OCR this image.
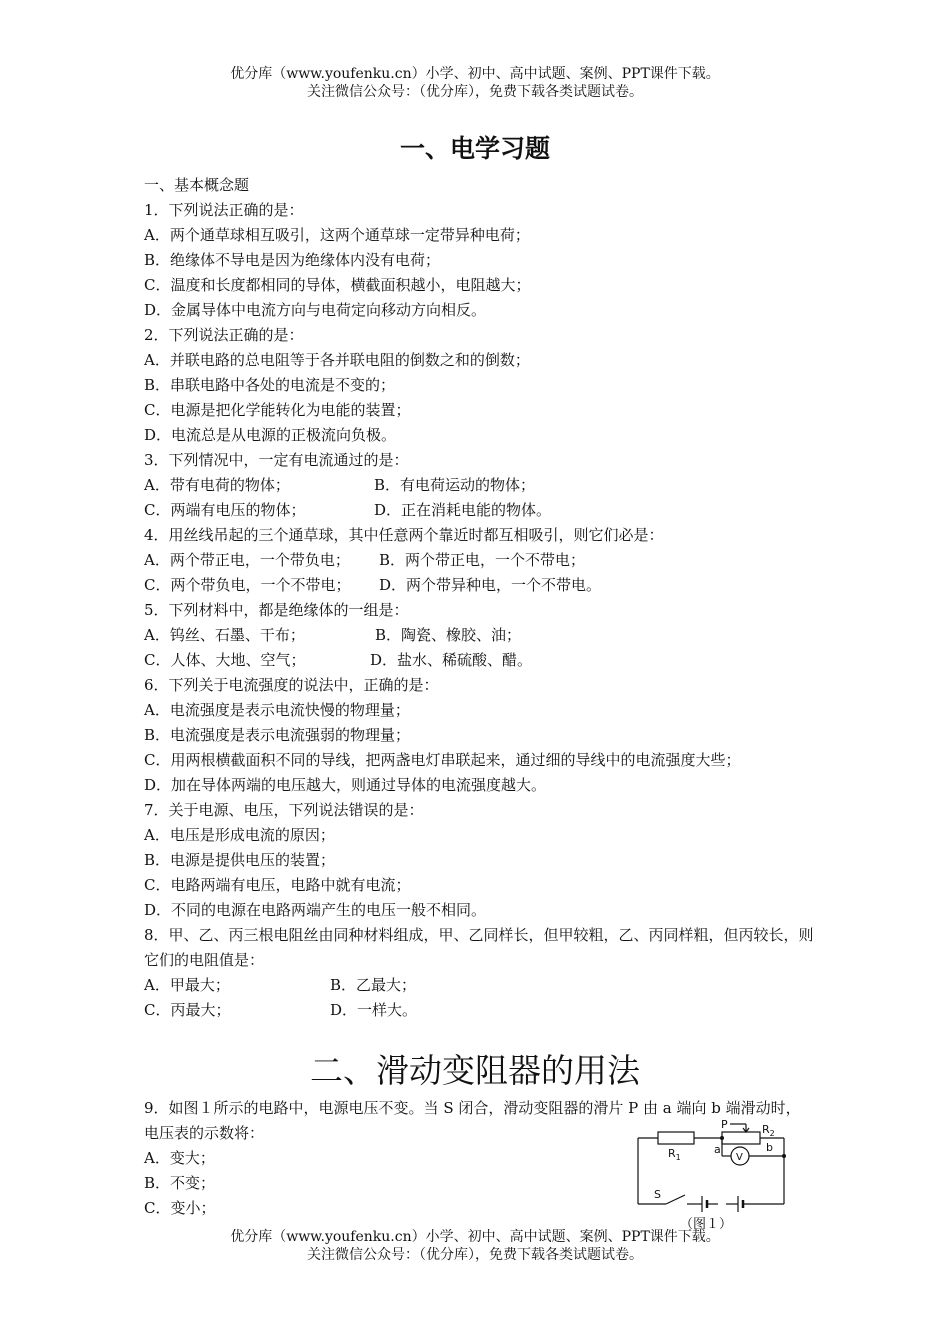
优分库（www.youfenku.cn）小学、初中、高中试题、案例、PPT课件下载。
关注微信公众号：（优分库），免费下载各类试题试卷。
一、电学习题
一、基本概念题
1．下列说法正确的是：
A．两个通草球相互吸引，这两个通草球一定带异种电荷；
B．绝缘体不导电是因为绝缘体内没有电荷；
C．温度和长度都相同的导体，横截面积越小，电阻越大；
D．金属导体中电流方向与电荷定向移动方向相反。
2．下列说法正确的是：
A．并联电路的总电阻等于各并联电阻的倒数之和的倒数；
B．串联电路中各处的电流是不变的；
C．电源是把化学能转化为电能的装置；
D．电流总是从电源的正极流向负极。
3．下列情况中，一定有电流通过的是：
A．带有电荷的物体；	B．有电荷运动的物体；
C．两端有电压的物体；	D．正在消耗电能的物体。
4．用丝线吊起的三个通草球，其中任意两个靠近时都互相吸引，则它们必是：
A．两个带正电，一个带负电； B．两个带正电，一个不带电；
C．两个带负电，一个不带电； D．两个带异种电，一个不带电。
5．下列材料中，都是绝缘体的一组是：
A．钨丝、石墨、干布；	B．陶瓷、橡胶、油；
C．人体、大地、空气；	D．盐水、稀硫酸、醋。
6．下列关于电流强度的说法中，正确的是：
A．电流强度是表示电流快慢的物理量；
B．电流强度是表示电流强弱的物理量；
C．用两根横截面积不同的导线，把两盏电灯串联起来，通过细的导线中的电流强度大些；
D．加在导体两端的电压越大，则通过导体的电流强度越大。
7．关于电源、电压，下列说法错误的是：
A．电压是形成电流的原因；
B．电源是提供电压的装置；
C．电路两端有电压，电路中就有电流；
D．不同的电源在电路两端产生的电压一般不相同。
8．甲、乙、丙三根电阻丝由同种材料组成，甲、乙同样长，但甲较粗，乙、丙同样粗，但丙较长，则它们的电阻值是：
A．甲最大；	B．乙最大；
C．丙最大；	D．一样大。
二、滑动变阻器的用法
9．如图１所示的电路中，电源电压不变。当 S 闭合，滑动变阻器的滑片 P 由 a 端向 b 端滑动时，电压表的示数将：
A．变大；
B．不变；
C．变小；
P	$R_2$
$R_1$
a	b
V
S
（图１）
优分库（www.youfenku.cn）小学、初中、高中试题、案例、PPT课件下载。
关注微信公众号：（优分库），免费下载各类试题试卷。
